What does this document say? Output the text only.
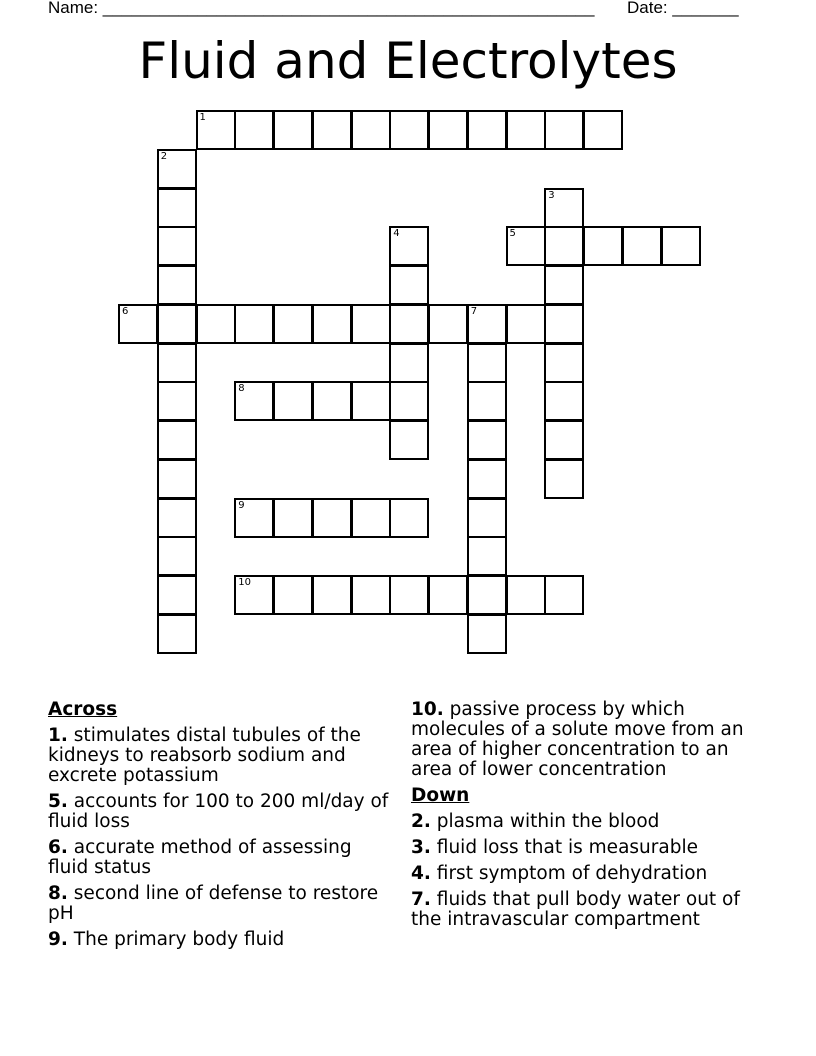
Name: ____________________________________________________ Date: _______
Fluid and Electrolytes
1
2
3
4	5
6	7
8
9
10
Across
1. stimulates distal tubules of the kidneys to reabsorb sodium and excrete potassium
5. accounts for 100 to 200 ml/day of fluid loss
6. accurate method of assessing fluid status
8. second line of defense to restore pH
9. The primary body fluid
10. passive process by which molecules of a solute move from an area of higher concentration to an area of lower concentration
Down
2. plasma within the blood
3. fluid loss that is measurable
4. first symptom of dehydration
7. fluids that pull body water out of the intravascular compartment
